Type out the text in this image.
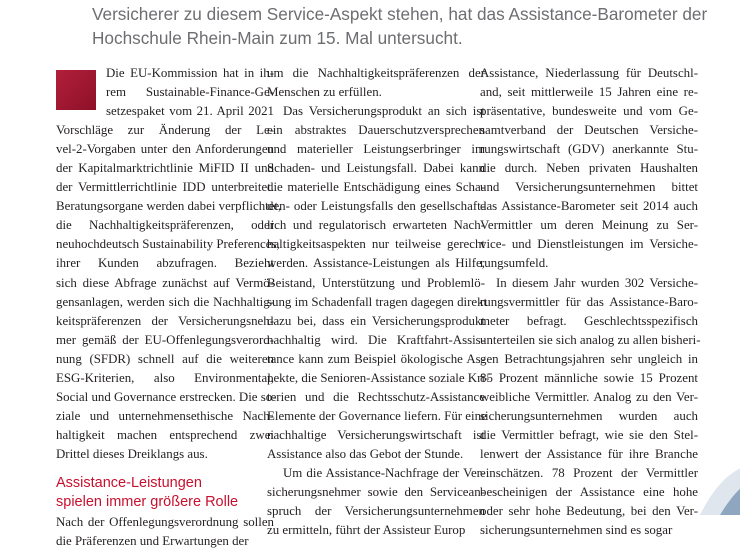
Versicherer zu diesem Service-Aspekt stehen, hat das Assistance-Barometer der
Hochschule Rhein-Main zum 15. Mal untersucht.
Die EU-Kommission hat in ih-
rem Sustainable-Finance-Ge-
setzespaket vom 21. April 2021
Vorschläge zur Änderung der Le-
vel-2-Vorgaben unter den Anforderungen
der Kapitalmarktrichtlinie MiFID II und
der Vermittlerrichtlinie IDD unterbreitet.
Beratungsorgane werden dabei verpflichtet,
die Nachhaltigkeitspräferenzen, oder
neuhochdeutsch Sustainability Preferences,
ihrer Kunden abzufragen. Bezieht
sich diese Abfrage zunächst auf Vermö-
gensanlagen, werden sich die Nachhaltig-
keitspräferenzen der Versicherungsneh-
mer gemäß der EU-Offenlegungsverord-
nung (SFDR) schnell auf die weiteren
ESG-Kriterien, also Environmental,
Social und Governance erstrecken. Die so-
ziale und unternehmensethische Nach-
haltigkeit machen entsprechend zwei
Drittel dieses Dreiklangs aus.
Assistance-Leistungen
spielen immer größere Rolle
Nach der Offenlegungsverordnung sollen
die Präferenzen und Erwartungen der
um die Nachhaltigkeitspräferenzen der
Menschen zu erfüllen.
Das Versicherungsprodukt an sich ist
ein abstraktes Dauerschutzversprechen
und materieller Leistungserbringer im
Schaden- und Leistungsfall. Dabei kann
die materielle Entschädigung eines Scha-
den- oder Leistungsfalls den gesellschaft-
lich und regulatorisch erwarteten Nach-
haltigkeitsaspekten nur teilweise gerecht
werden. Assistance-Leistungen als Hilfe,
Beistand, Unterstützung und Problemlö-
sung im Schadenfall tragen dagegen direkt
dazu bei, dass ein Versicherungsprodukt
nachhaltig wird. Die Kraftfahrt-Assis-
tance kann zum Beispiel ökologische As-
pekte, die Senioren-Assistance soziale Kri-
terien und die Rechtsschutz-Assistance
Elemente der Governance liefern. Für eine
nachhaltige Versicherungswirtschaft ist
Assistance also das Gebot der Stunde.
Um die Assistance-Nachfrage der Ver-
sicherungsnehmer sowie den Servicean-
spruch der Versicherungsunternehmen
zu ermitteln, führt der Assisteur Europ
Assistance, Niederlassung für Deutschl-
and, seit mittlerweile 15 Jahren eine re-
präsentative, bundesweite und vom Ge-
samtverband der Deutschen Versiche-
rungswirtschaft (GDV) anerkannte Stu-
die durch. Neben privaten Haushalten
und Versicherungsunternehmen bittet
das Assistance-Barometer seit 2014 auch
Vermittler um deren Meinung zu Ser-
vice- und Dienstleistungen im Versiche-
rungsumfeld.
In diesem Jahr wurden 302 Versiche-
rungsvermittler für das Assistance-Baro-
meter befragt. Geschlechtsspezifisch
unterteilen sie sich analog zu allen bisheri-
gen Betrachtungsjahren sehr ungleich in
85 Prozent männliche sowie 15 Prozent
weibliche Vermittler. Analog zu den Ver-
sicherungsunternehmen wurden auch
die Vermittler befragt, wie sie den Stel-
lenwert der Assistance für ihre Branche
einschätzen. 78 Prozent der Vermittler
bescheinigen der Assistance eine hohe
oder sehr hohe Bedeutung, bei den Ver-
sicherungsunternehmen sind es sogar
